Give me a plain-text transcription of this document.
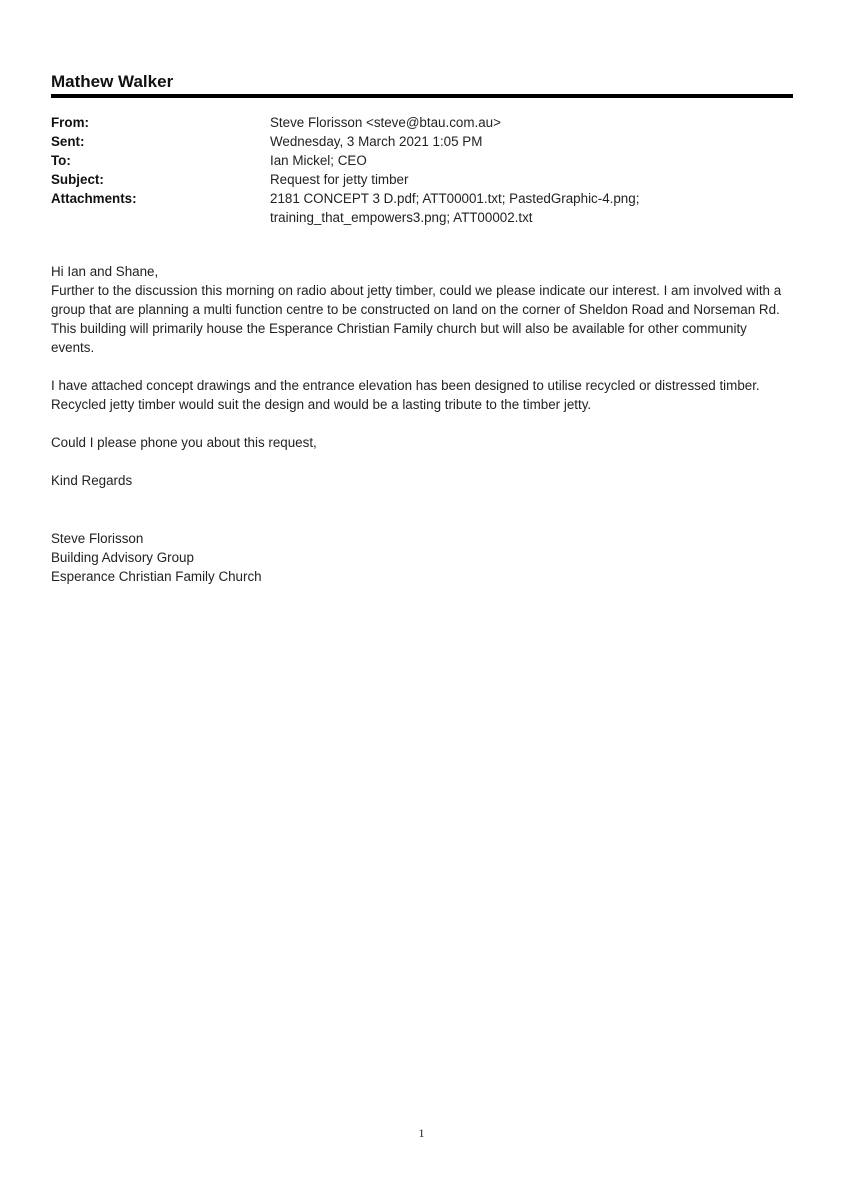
Mathew Walker
From:	Steve Florisson <steve@btau.com.au>
Sent:	Wednesday, 3 March 2021 1:05 PM
To:	Ian Mickel; CEO
Subject:	Request for jetty timber
Attachments:	2181 CONCEPT 3 D.pdf; ATT00001.txt; PastedGraphic-4.png;
training_that_empowers3.png; ATT00002.txt

Hi Ian and Shane,

Further to the discussion this morning on radio about jetty timber, could we please indicate our interest. I am involved with a group that are planning a multi function centre to be constructed on land on the corner of Sheldon Road and Norseman Rd. This building will primarily house the Esperance Christian Family church but will also be available for other community events.

I have attached concept drawings and the entrance elevation has been designed to utilise recycled or distressed timber. Recycled jetty timber would suit the design and would be a lasting tribute to the timber jetty.

Could I please phone you about this request,

Kind Regards

Steve Florisson
Building Advisory Group
Esperance Christian Family Church
1
